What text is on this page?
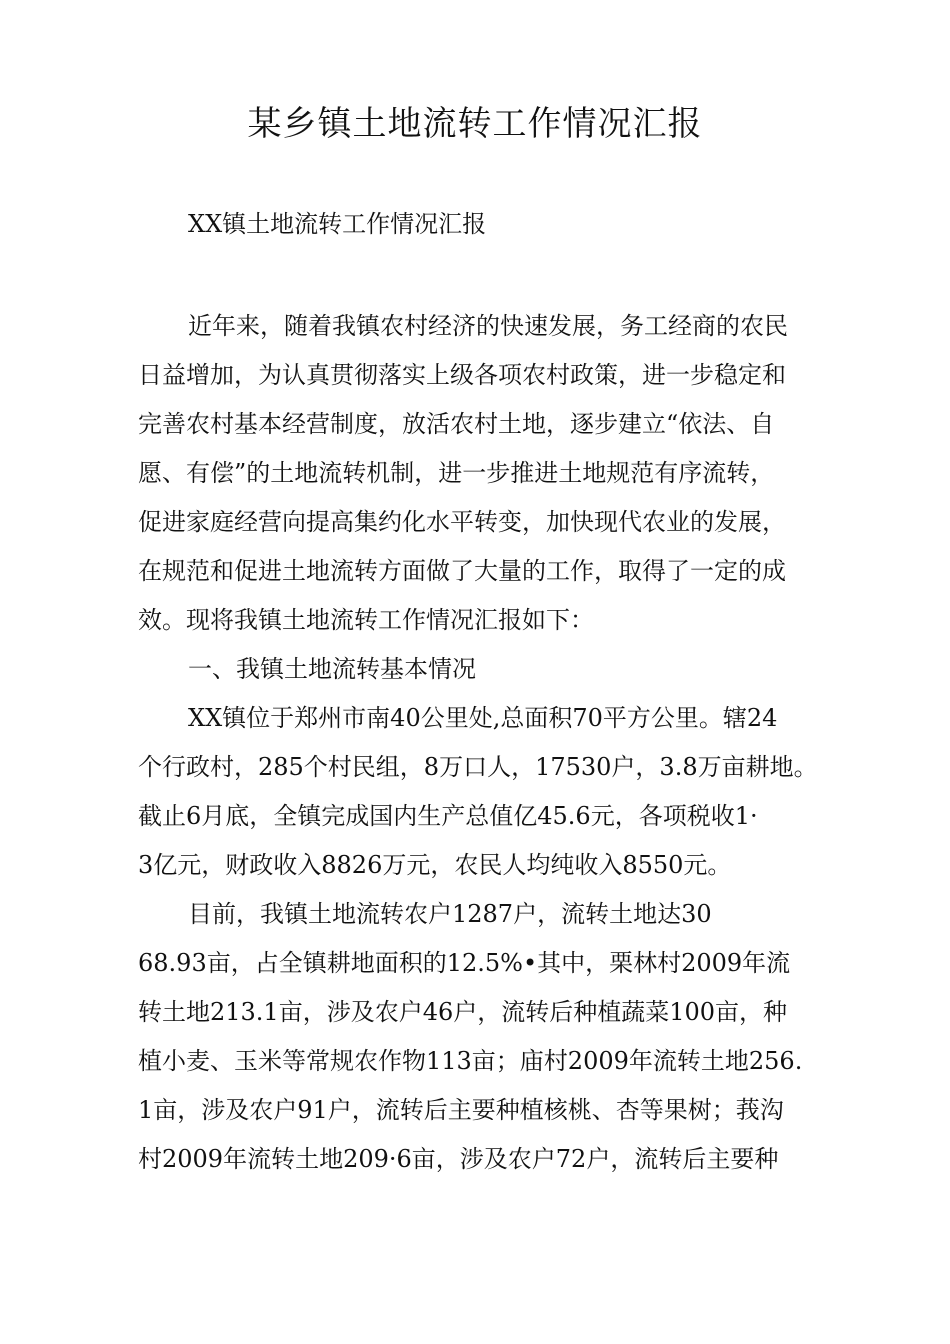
某乡镇土地流转工作情况汇报
XX镇土地流转工作情况汇报
近年来，随着我镇农村经济的快速发展，务工经商的农民
日益增加，为认真贯彻落实上级各项农村政策，进一步稳定和
完善农村基本经营制度，放活农村土地，逐步建立“依法、自
愿、有偿”的土地流转机制，进一步推进土地规范有序流转，
促进家庭经营向提高集约化水平转变，加快现代农业的发展，
在规范和促进土地流转方面做了大量的工作，取得了一定的成
效。现将我镇土地流转工作情况汇报如下：
一、我镇土地流转基本情况
XX镇位于郑州市南40公里处,总面积70平方公里。辖24
个行政村，285个村民组，8万口人，17530户，3.8万亩耕地。
截止6月底，全镇完成国内生产总值亿45.6元，各项税收1·
3亿元，财政收入8826万元，农民人均纯收入8550元。
目前，我镇土地流转农户1287户，流转土地达30
68.93亩，占全镇耕地面积的12.5%•其中，栗林村2009年流
转土地213.1亩，涉及农户46户，流转后种植蔬菜100亩，种
植小麦、玉米等常规农作物113亩；庙村2009年流转土地256.
1亩，涉及农户91户，流转后主要种植核桃、杏等果树；莪沟
村2009年流转土地209·6亩，涉及农户72户，流转后主要种
